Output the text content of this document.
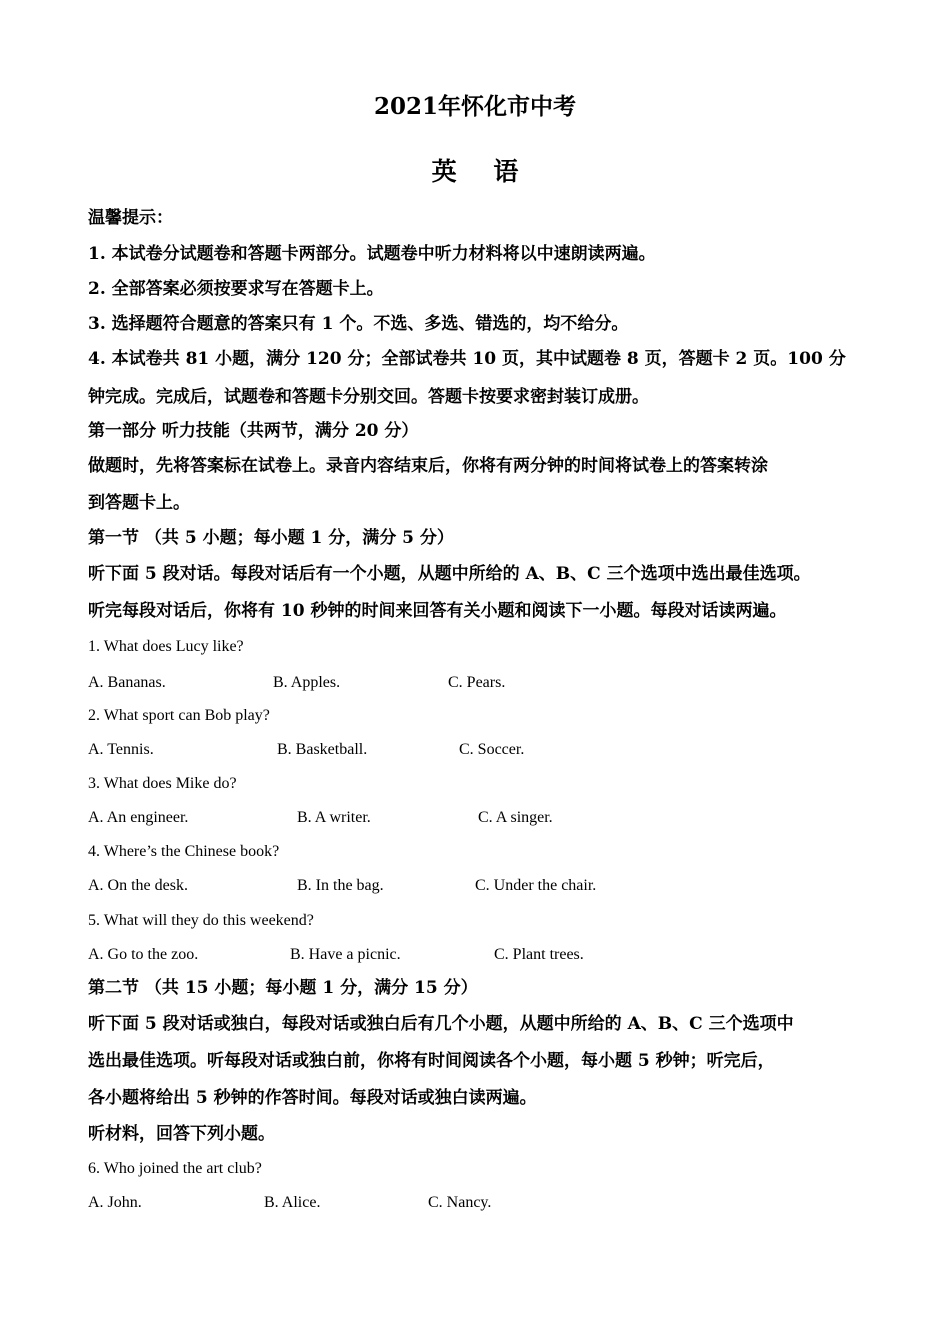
2021年怀化市中考
英 语
温馨提示：
1. 本试卷分试题卷和答题卡两部分。试题卷中听力材料将以中速朗读两遍。
2. 全部答案必须按要求写在答题卡上。
3. 选择题符合题意的答案只有 1 个。不选、多选、错选的，均不给分。
4. 本试卷共 81 小题，满分 120 分；全部试卷共 10 页，其中试题卷 8 页，答题卡 2 页。100 分
钟完成。完成后，试题卷和答题卡分别交回。答题卡按要求密封装订成册。
第一部分 听力技能（共两节，满分 20 分）
做题时，先将答案标在试卷上。录音内容结束后，你将有两分钟的时间将试卷上的答案转涂
到答题卡上。
第一节 （共 5 小题；每小题 1 分，满分 5 分）
听下面 5 段对话。每段对话后有一个小题，从题中所给的 A、B、C 三个选项中选出最佳选项。
听完每段对话后，你将有 10 秒钟的时间来回答有关小题和阅读下一小题。每段对话读两遍。
1. What does Lucy like?
A. Bananas.	B. Apples.	C. Pears.
2. What sport can Bob play?
A. Tennis.	B. Basketball.	C. Soccer.
3. What does Mike do?
A. An engineer.	B. A writer.	C. A singer.
4. Where’s the Chinese book?
A. On the desk.	B. In the bag.	C. Under the chair.
5. What will they do this weekend?
A. Go to the zoo.	B. Have a picnic.	C. Plant trees.
第二节 （共 15 小题；每小题 1 分，满分 15 分）
听下面 5 段对话或独白，每段对话或独白后有几个小题，从题中所给的 A、B、C 三个选项中
选出最佳选项。听每段对话或独白前，你将有时间阅读各个小题，每小题 5 秒钟；听完后，
各小题将给出 5 秒钟的作答时间。每段对话或独白读两遍。
听材料，回答下列小题。
6. Who joined the art club?
A. John.	B. Alice.	C. Nancy.
